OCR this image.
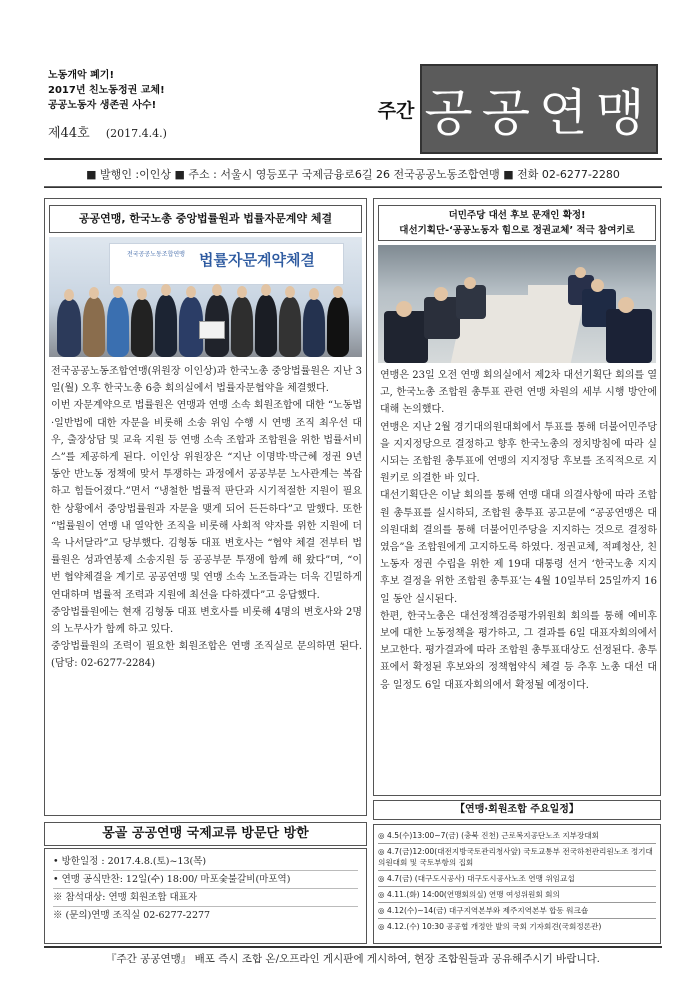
노동개악 폐기!
2017년 친노동정권 교체!
공공노동자 생존권 사수!
제44호 (2017.4.4.)
주간 공공연맹
■ 발행인 :이인상
■ 주소 : 서울시 영등포구 국제금융로6길 26 전국공공노동조합연맹
■ 전화 02-6277-2280
공공연맹, 한국노총 중앙법률원과 법률자문계약 체결
전국공공노동조합연맹 법률자문계약체결

전국공공노동조합연맹(위원장 이인상)과 한국노총 중앙법률원은 지난 3일(월) 오후 한국노총 6층 회의실에서 법률자문협약을 체결했다.

이번 자문계약으로 법률원은 연맹과 연맹 소속 회원조합에 대한 “노동법·일반법에 대한 자문을 비롯해 소송 위임 수행 시 연맹 조직 최우선 대우, 출장상담 및 교육 지원 등 연맹 소속 조합과 조합원을 위한 법률서비스”를 제공하게 된다. 이인상 위원장은 “지난 이명박·박근혜 정권 9년 동안 반노동 정책에 맞서 투쟁하는 과정에서 공공부문 노사관계는 복잡하고 힘들어졌다.”면서 “냉철한 법률적 판단과 시기적절한 지원이 필요한 상황에서 중앙법률원과 자문을 맺게 되어 든든하다”고 말했다. 또한 “법률원이 연맹 내 열악한 조직을 비롯해 사회적 약자를 위한 지원에 더욱 나서달라”고 당부했다. 김형동 대표 변호사는 “협약 체결 전부터 법률원은 성과연봉제 소송지원 등 공공부문 투쟁에 함께 해 왔다”며, “이번 협약체결을 계기로 공공연맹 및 연맹 소속 노조들과는 더욱 긴밀하게 연대하며 법률적 조력과 지원에 최선을 다하겠다”고 응답했다.

중앙법률원에는 현재 김형동 대표 변호사를 비롯해 4명의 변호사와 2명의 노무사가 함께 하고 있다.

중앙법률원의 조력이 필요한 회원조합은 연맹 조직실로 문의하면 된다. (담당: 02-6277-2284)

더민주당 대선 후보 문재인 확정!
대선기획단-‘공공노동자 힘으로 정권교체’ 적극 참여키로

연맹은 23일 오전 연맹 회의실에서 제2차 대선기획단 회의를 열고, 한국노총 조합원 총투표 관련 연맹 차원의 세부 시행 방안에 대해 논의했다.

연맹은 지난 2월 경기대의원대회에서 투표를 통해 더불어민주당을 지지정당으로 결정하고 향후 한국노총의 정치방침에 따라 실시되는 조합원 총투표에 연맹의 지지정당 후보를 조직적으로 지원키로 의결한 바 있다.

대선기획단은 이날 회의를 통해 연맹 대대 의결사항에 따라 조합원 총투표를 실시하되, 조합원 총투표 공고문에 “공공연맹은 대의원대회 결의를 통해 더불어민주당을 지지하는 것으로 결정하였음”을 조합원에게 고지하도록 하였다. 정권교체, 적폐청산, 친노동자 정권 수립을 위한 제 19대 대통령 선거 ‘한국노총 지지 후보 결정을 위한 조합원 총투표’는 4월 10일부터 25일까지 16일 동안 실시된다.

한편, 한국노총은 대선정책검증평가위원회 회의를 통해 예비후보에 대한 노동정책을 평가하고, 그 결과를 6일 대표자회의에서 보고한다. 평가결과에 따라 조합원 총투표대상도 선정된다. 총투표에서 확정된 후보와의 정책협약식 체결 등 추후 노총 대선 대응 일정도 6일 대표자회의에서 확정될 예정이다.

【연맹·회원조합 주요일정】
◎ 4.5(수)13:00~7(금) (충북 진천) 근로복지공단노조 지부장대회
◎ 4.7(금)12:00(대전지방국토관리청사앞) 국토교통부 전국하천관리원노조 정기대의원대회 및 국토부항의 집회
◎ 4.7(금) (대구도시공사) 대구도시공사노조 연맹 위임교섭
◎ 4.11.(화) 14:00(연맹회의실) 연맹 여성위원회 회의
◎ 4.12(수)~14(금) 대구지역본부와 제주지역본부 합동 워크숍
◎ 4.12.(수) 10:30 공공협 개정안 발의 국회 기자회견(국회정론관)
몽골 공공연맹 국제교류 방문단 방한
• 방한일정 : 2017.4.8.(토)~13(목)
• 연맹 공식만찬: 12일(수) 18:00/ 마포숯불갈비(마포역)
※ 참석대상: 연맹 회원조합 대표자
※ (문의)연맹 조직실 02-6277-2277
『주간 공공연맹』 배포 즉시 조합 온/오프라인 게시판에 게시하여, 현장 조합원들과 공유해주시기 바랍니다.
